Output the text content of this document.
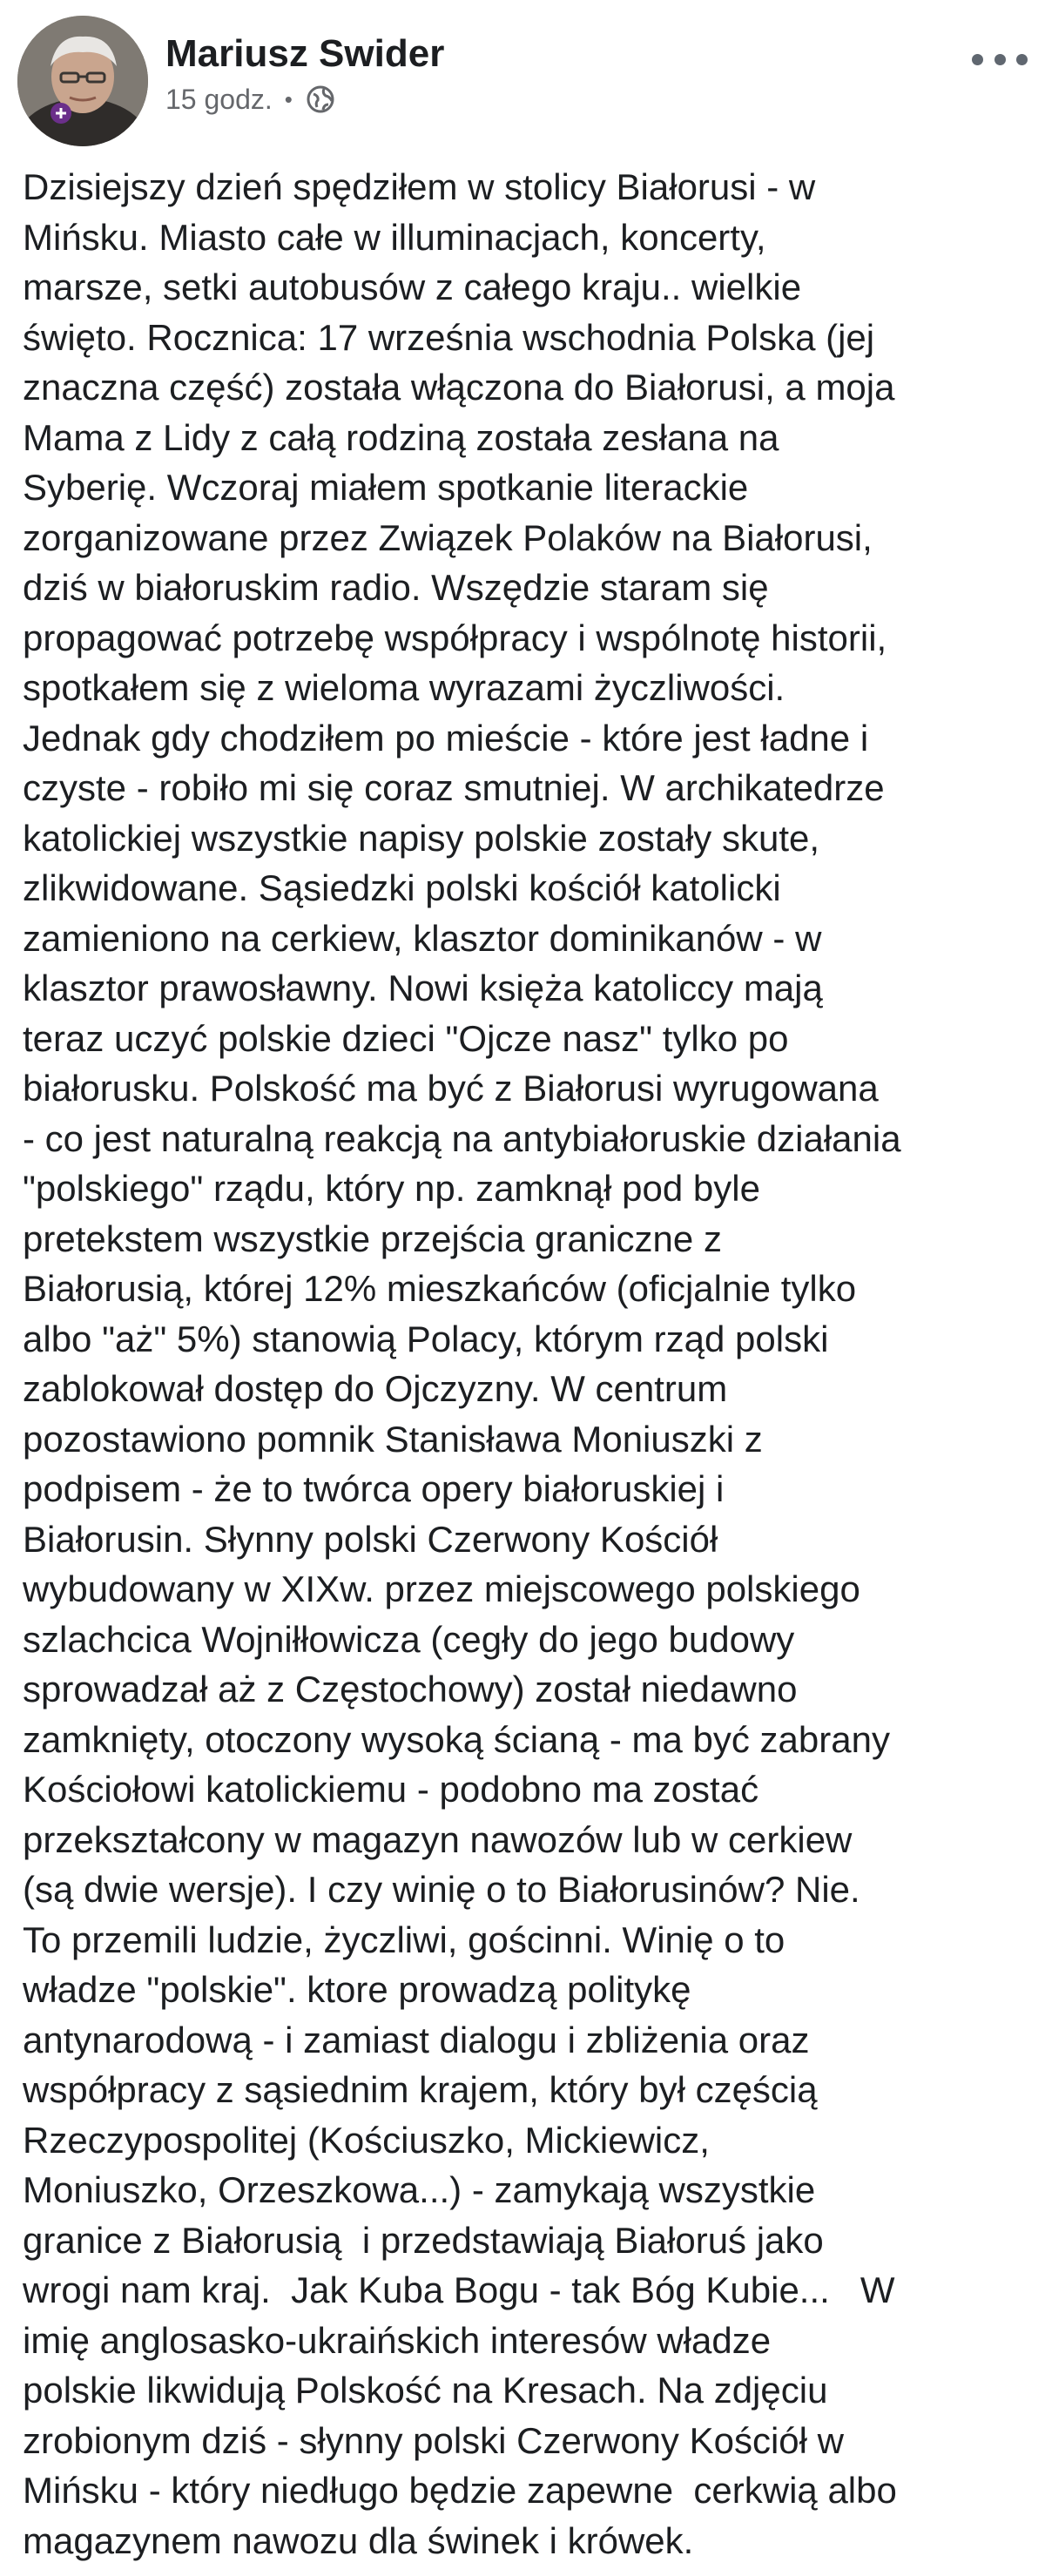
Mariusz Swider
15 godz. •
Dzisiejszy dzień spędziłem w stolicy Białorusi - w
Mińsku. Miasto całe w illuminacjach, koncerty,
marsze, setki autobusów z całego kraju.. wielkie
święto. Rocznica: 17 września wschodnia Polska (jej
znaczna część) została włączona do Białorusi, a moja
Mama z Lidy z całą rodziną została zesłana na
Syberię. Wczoraj miałem spotkanie literackie
zorganizowane przez Związek Polaków na Białorusi,
dziś w białoruskim radio. Wszędzie staram się
propagować potrzebę współpracy i wspólnotę historii,
spotkałem się z wieloma wyrazami życzliwości.
Jednak gdy chodziłem po mieście - które jest ładne i
czyste - robiło mi się coraz smutniej. W archikatedrze
katolickiej wszystkie napisy polskie zostały skute,
zlikwidowane. Sąsiedzki polski kościół katolicki
zamieniono na cerkiew, klasztor dominikanów - w
klasztor prawosławny. Nowi księża katoliccy mają
teraz uczyć polskie dzieci "Ojcze nasz" tylko po
białorusku. Polskość ma być z Białorusi wyrugowana
- co jest naturalną reakcją na antybiałoruskie działania
"polskiego" rządu, który np. zamknął pod byle
pretekstem wszystkie przejścia graniczne z
Białorusią, której 12% mieszkańców (oficjalnie tylko
albo "aż" 5%) stanowią Polacy, którym rząd polski
zablokował dostęp do Ojczyzny. W centrum
pozostawiono pomnik Stanisława Moniuszki z
podpisem - że to twórca opery białoruskiej i
Białorusin. Słynny polski Czerwony Kościół
wybudowany w XIXw. przez miejscowego polskiego
szlachcica Wojniłłowicza (cegły do jego budowy
sprowadzał aż z Częstochowy) został niedawno
zamknięty, otoczony wysoką ścianą - ma być zabrany
Kościołowi katolickiemu - podobno ma zostać
przekształcony w magazyn nawozów lub w cerkiew
(są dwie wersje). I czy winię o to Białorusinów? Nie.
To przemili ludzie, życzliwi, gościnni. Winię o to
władze "polskie". ktore prowadzą politykę
antynarodową - i zamiast dialogu i zbliżenia oraz
współpracy z sąsiednim krajem, który był częścią
Rzeczypospolitej (Kościuszko, Mickiewicz,
Moniuszko, Orzeszkowa...) - zamykają wszystkie
granice z Białorusią  i przedstawiają Białoruś jako
wrogi nam kraj.  Jak Kuba Bogu - tak Bóg Kubie...   W
imię anglosasko-ukraińskich interesów władze
polskie likwidują Polskość na Kresach. Na zdjęciu
zrobionym dziś - słynny polski Czerwony Kościół w
Mińsku - który niedługo będzie zapewne  cerkwią albo
magazynem nawozu dla świnek i krówek.
